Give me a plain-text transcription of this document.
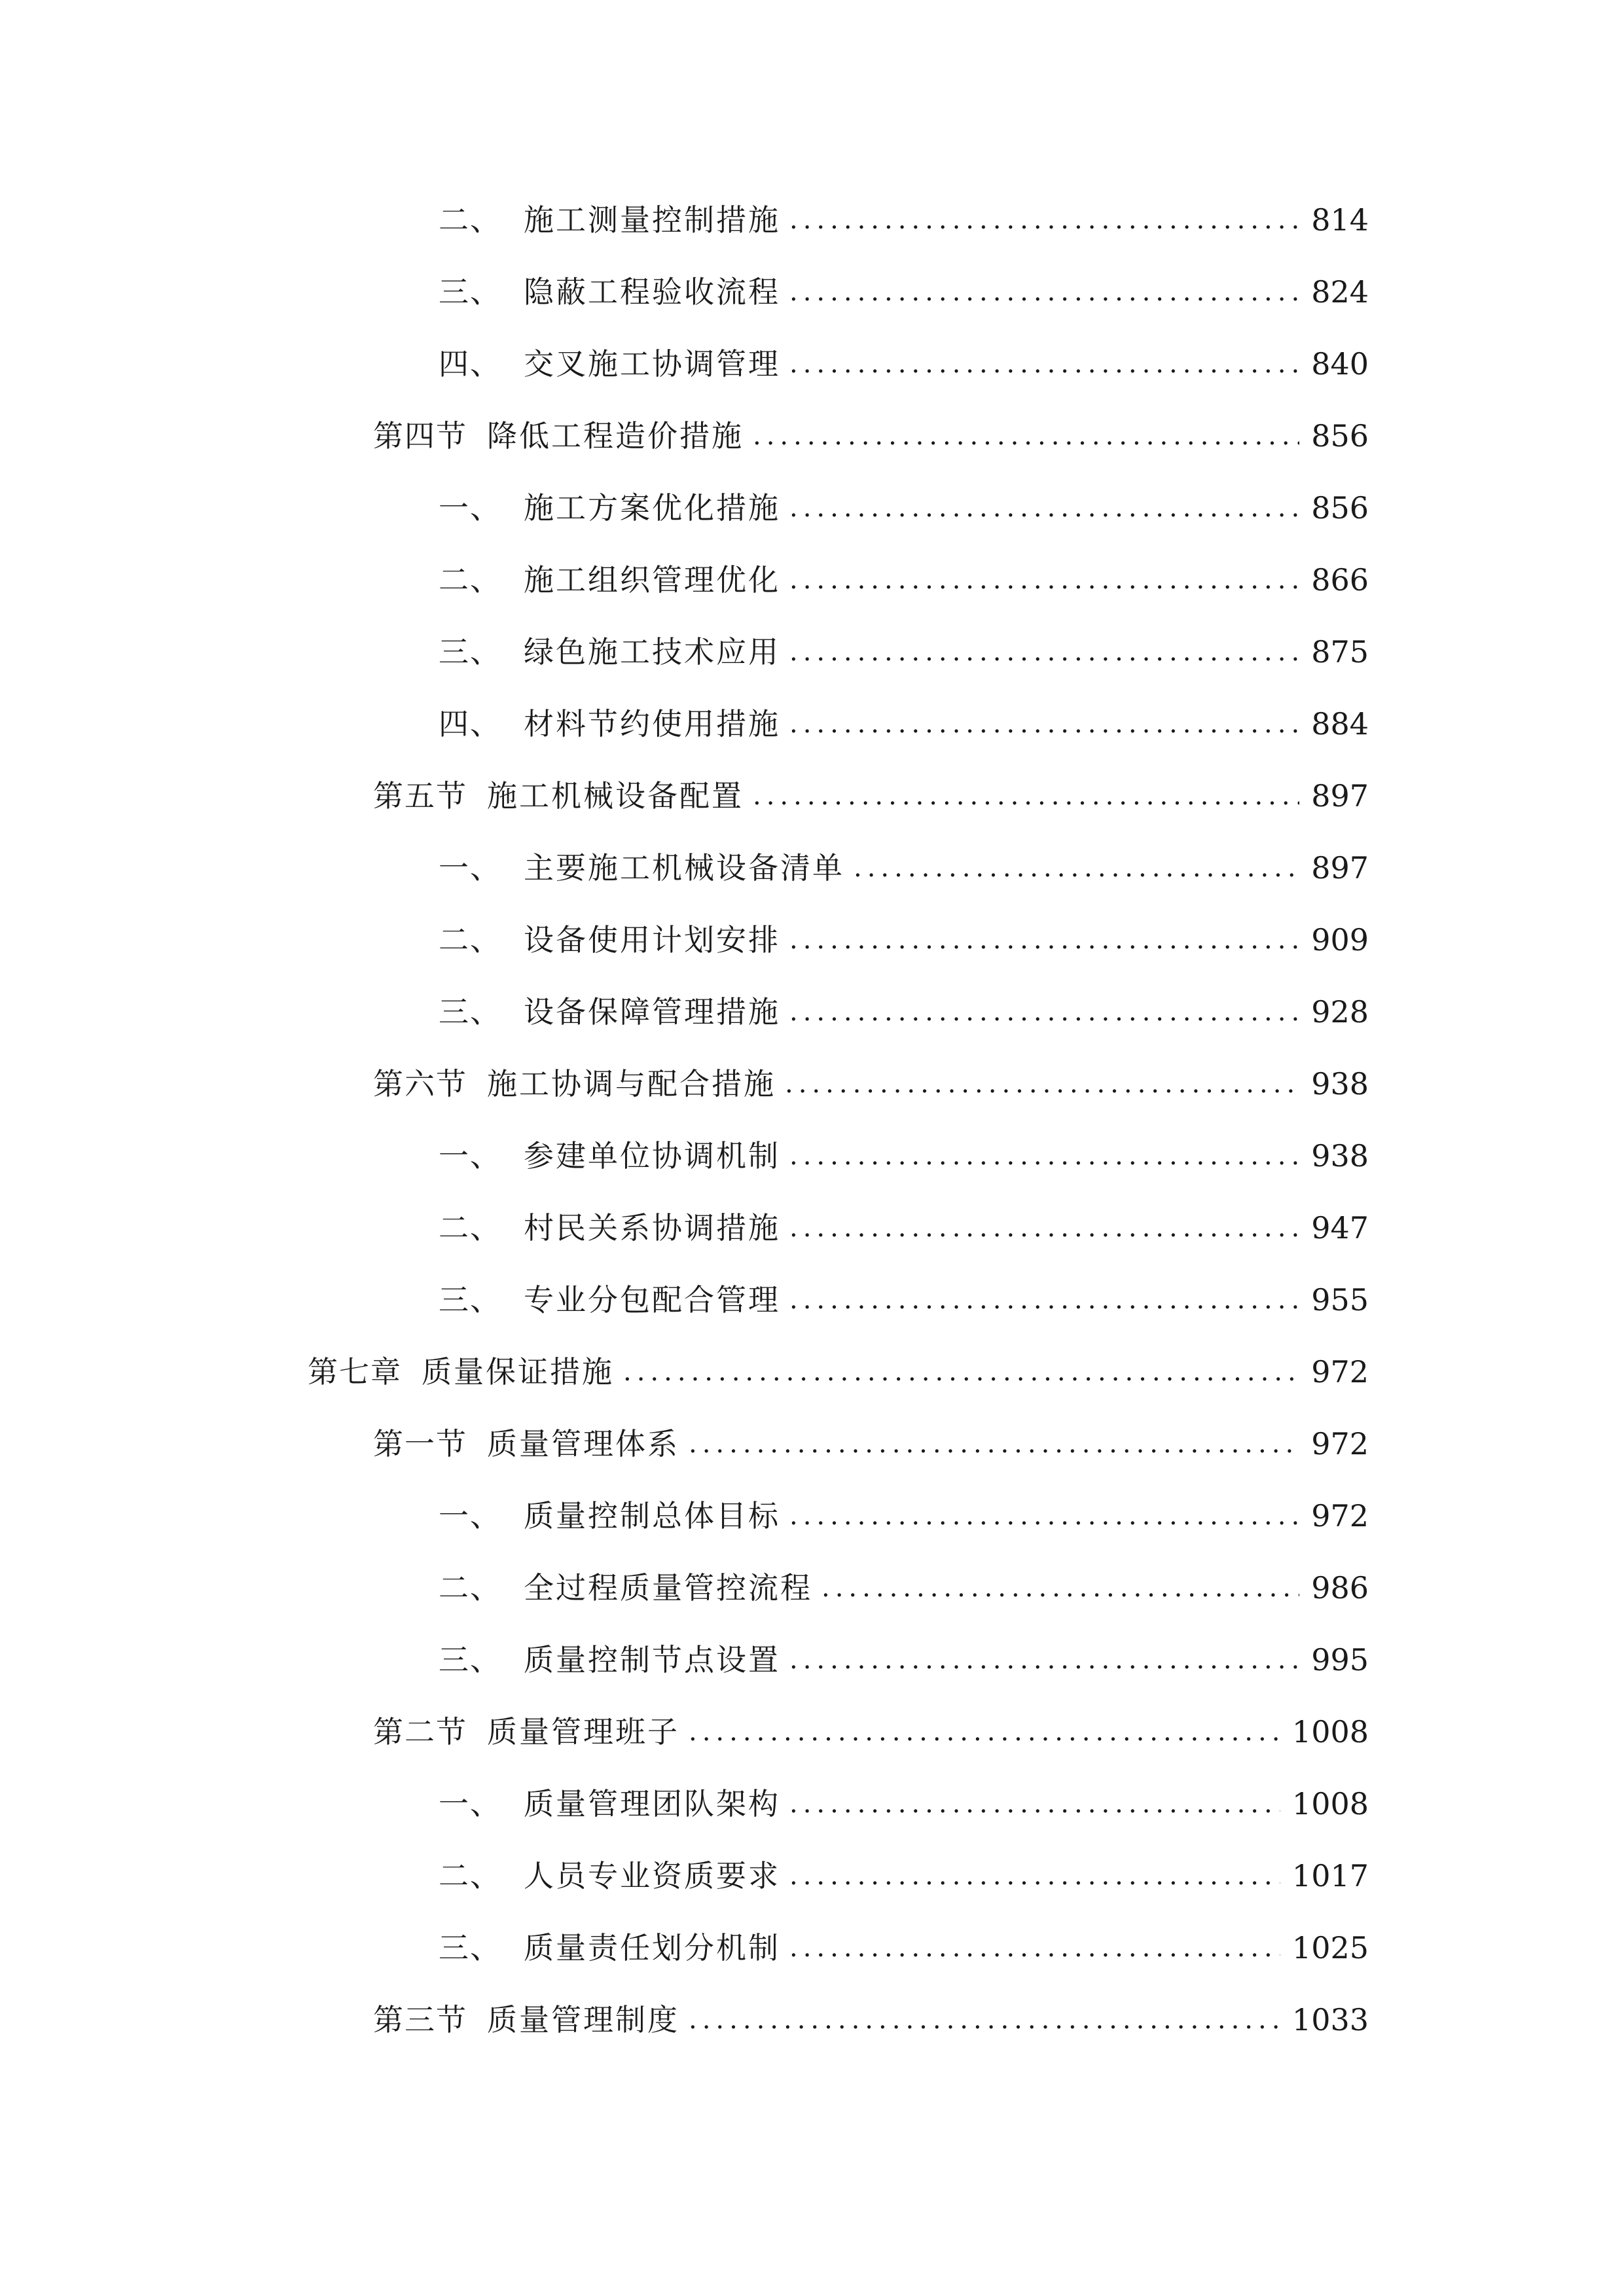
二、 施工测量控制措施 .....	814
三、 隐蔽工程验收流程 .....	824
四、 交叉施工协调管理 .....	840
第四节 降低工程造价措施 .....	856
一、 施工方案优化措施 .....	856
二、 施工组织管理优化 .....	866
三、 绿色施工技术应用 .....	875
四、 材料节约使用措施 .....	884
第五节 施工机械设备配置 .....	897
一、 主要施工机械设备清单 .....	897
二、 设备使用计划安排 .....	909
三、 设备保障管理措施 .....	928
第六节 施工协调与配合措施 .....	938
一、 参建单位协调机制 .....	938
二、 村民关系协调措施 .....	947
三、 专业分包配合管理 .....	955
第七章 质量保证措施 .....	972
第一节 质量管理体系 .....	972
一、 质量控制总体目标 .....	972
二、 全过程质量管控流程 .....	986
三、 质量控制节点设置 .....	995
第二节 质量管理班子 .....	1008
一、 质量管理团队架构 .....	1008
二、 人员专业资质要求 .....	1017
三、 质量责任划分机制 .....	1025
第三节 质量管理制度 .....	1033
